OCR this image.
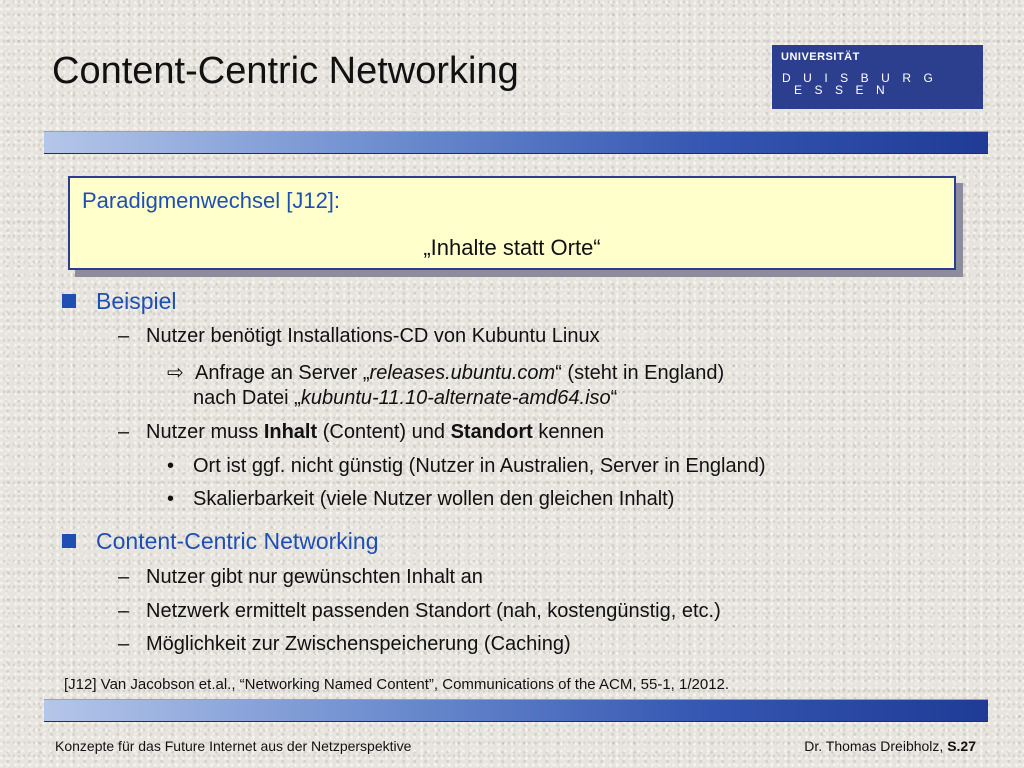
Content-Centric Networking	UNIVERSITÄT
DUISBURG
ESSEN
Paradigmenwechsel [J12]:
„Inhalte statt Orte“
Beispiel
– Nutzer benötigt Installations-CD von Kubuntu Linux
⇨ Anfrage an Server „releases.ubuntu.com“ (steht in England)
nach Datei „kubuntu-11.10-alternate-amd64.iso“
– Nutzer muss Inhalt (Content) und Standort kennen
• Ort ist ggf. nicht günstig (Nutzer in Australien, Server in England)
• Skalierbarkeit (viele Nutzer wollen den gleichen Inhalt)
Content-Centric Networking
– Nutzer gibt nur gewünschten Inhalt an
– Netzwerk ermittelt passenden Standort (nah, kostengünstig, etc.)
– Möglichkeit zur Zwischenspeicherung (Caching)
[J12] Van Jacobson et.al., “Networking Named Content”, Communications of the ACM, 55-1, 1/2012.
Konzepte für das Future Internet aus der Netzperspektive	Dr. Thomas Dreibholz, S.27
